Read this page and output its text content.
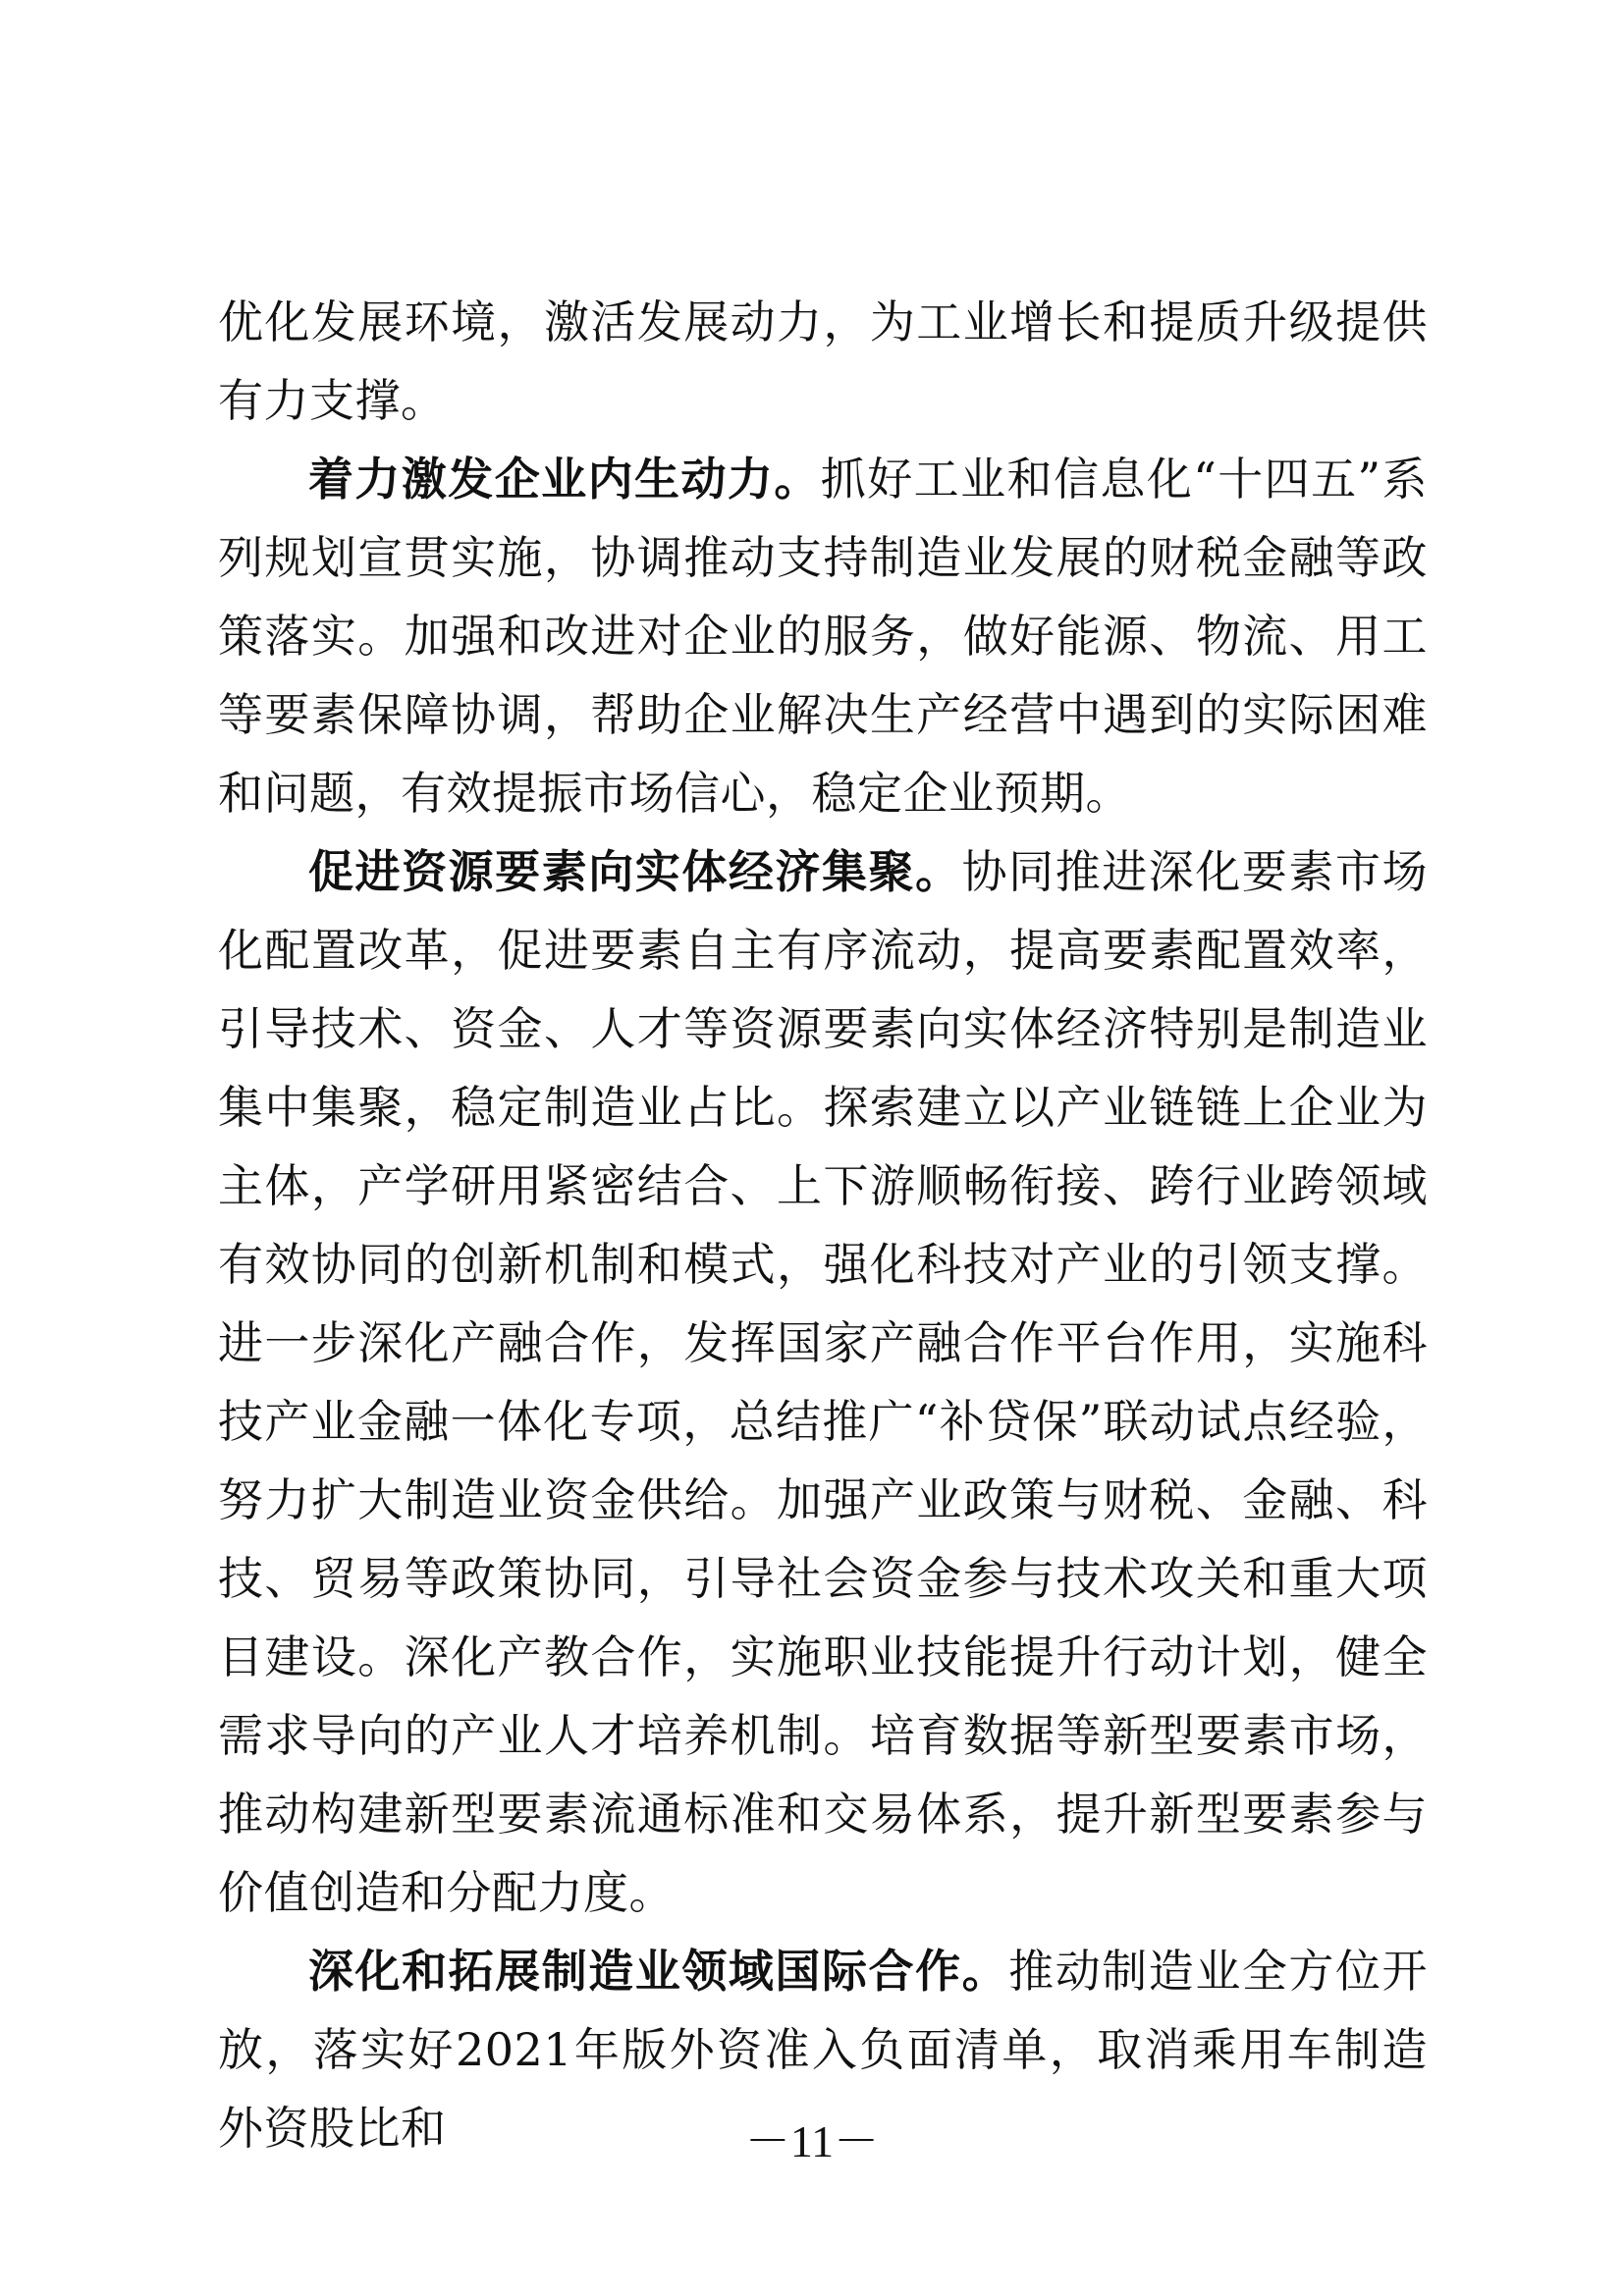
优化发展环境，激活发展动力，为工业增长和提质升级提供有力支撑。

着力激发企业内生动力。抓好工业和信息化“十四五”系列规划宣贯实施，协调推动支持制造业发展的财税金融等政策落实。加强和改进对企业的服务，做好能源、物流、用工等要素保障协调，帮助企业解决生产经营中遇到的实际困难和问题，有效提振市场信心，稳定企业预期。

促进资源要素向实体经济集聚。协同推进深化要素市场化配置改革，促进要素自主有序流动，提高要素配置效率，引导技术、资金、人才等资源要素向实体经济特别是制造业集中集聚，稳定制造业占比。探索建立以产业链链上企业为主体，产学研用紧密结合、上下游顺畅衔接、跨行业跨领域有效协同的创新机制和模式，强化科技对产业的引领支撑。进一步深化产融合作，发挥国家产融合作平台作用，实施科技产业金融一体化专项，总结推广“补贷保”联动试点经验，努力扩大制造业资金供给。加强产业政策与财税、金融、科技、贸易等政策协同，引导社会资金参与技术攻关和重大项目建设。深化产教合作，实施职业技能提升行动计划，健全需求导向的产业人才培养机制。培育数据等新型要素市场，推动构建新型要素流通标准和交易体系，提升新型要素参与价值创造和分配力度。

深化和拓展制造业领域国际合作。推动制造业全方位开放，落实好2021年版外资准入负面清单，取消乘用车制造外资股比和	－11－
